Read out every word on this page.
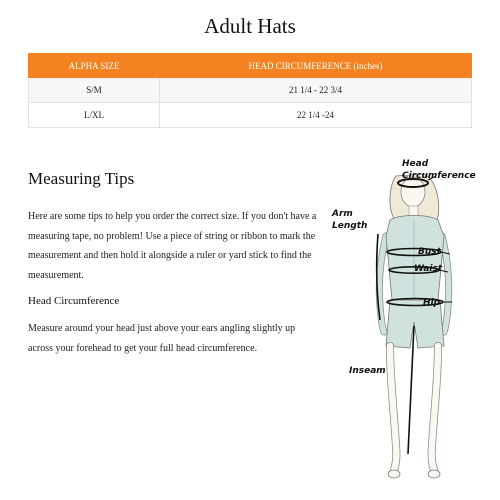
Adult Hats
ALPHA SIZE	HEAD CIRCUMFERENCE (inches)
S/M	21 1/4 - 22 3/4
L/XL	22 1/4 -24
Measuring Tips
Here are some tips to help you order the correct size. If you don't have a measuring tape, no problem! Use a piece of string or ribbon to mark the measurement and then hold it alongside a ruler or yard stick to find the measurement.
Head Circumference
Measure around your head just above your ears angling slightly up across your forehead to get your full head circumference.
Head
Circumference
Arm
Length
Bust
Waist
Hip
Inseam
